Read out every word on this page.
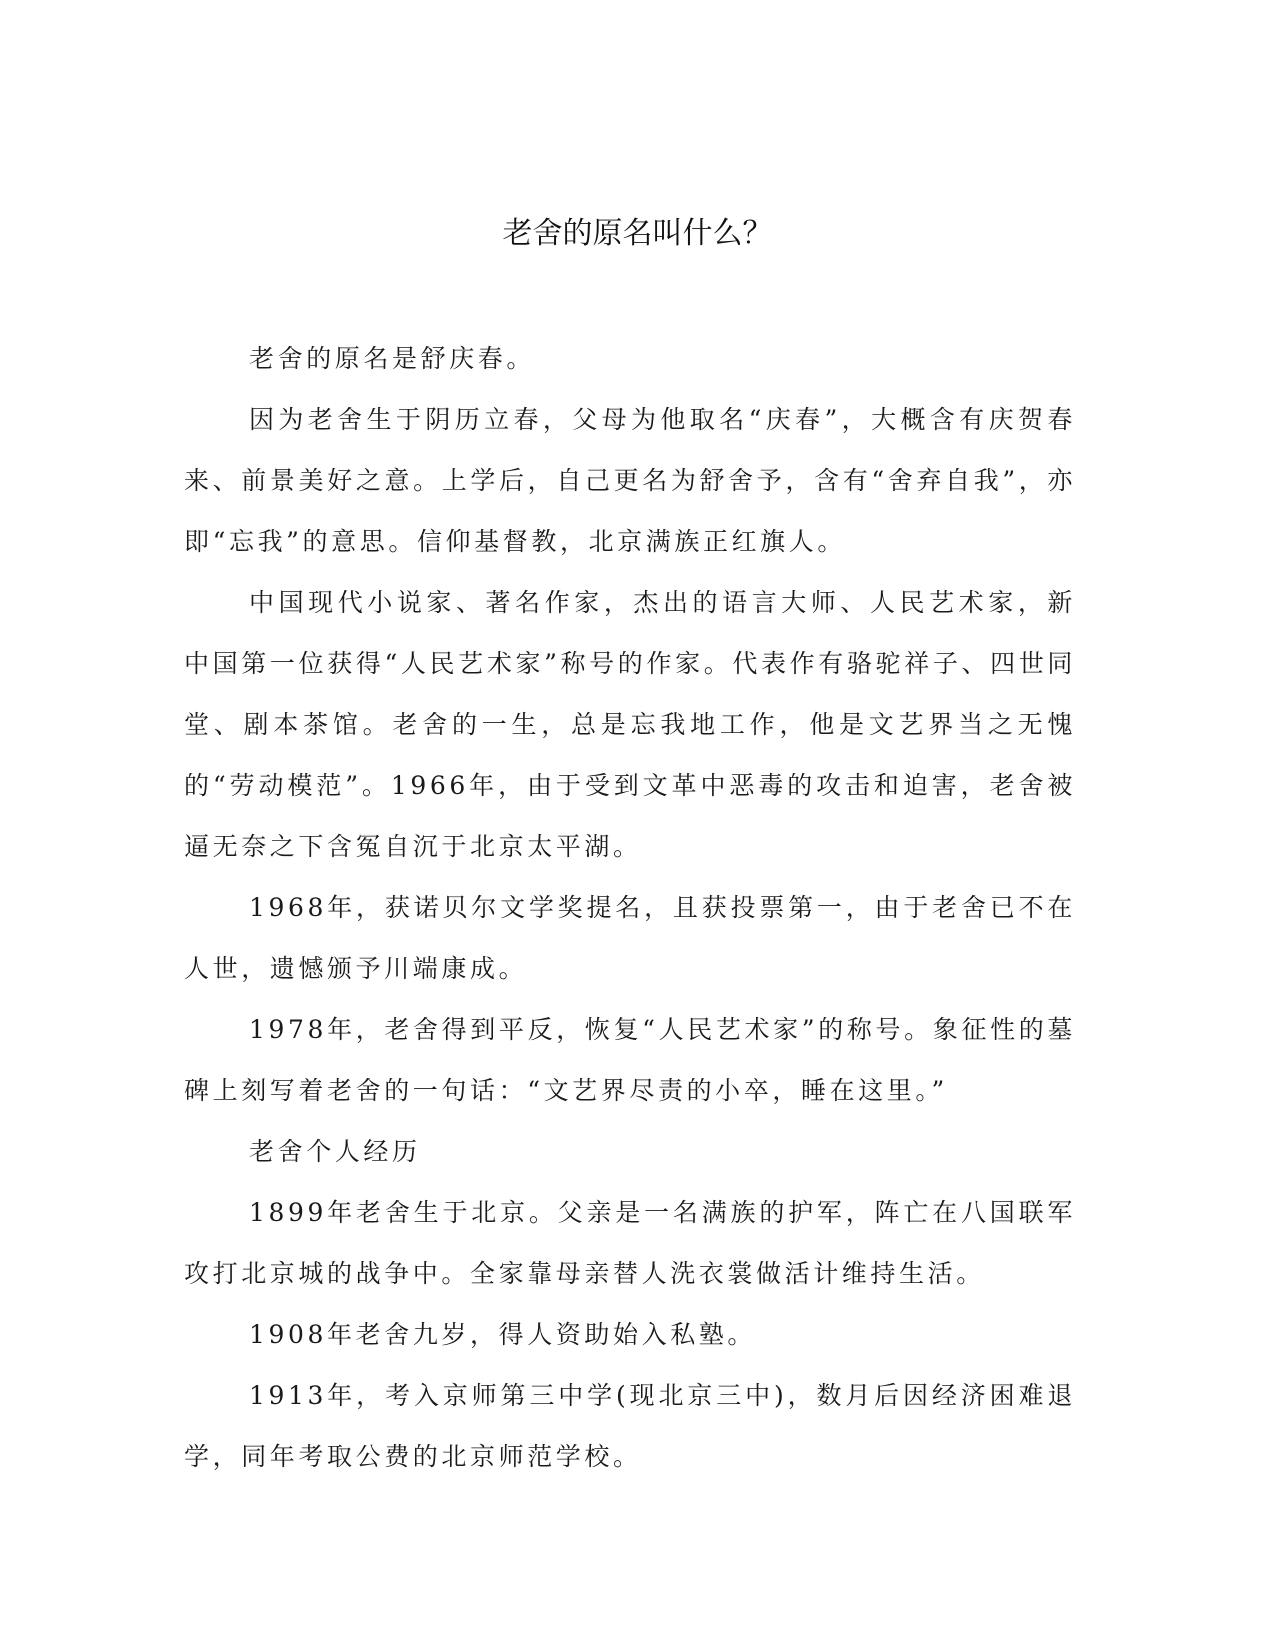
老舍的原名叫什么？

老舍的原名是舒庆春。

因为老舍生于阴历立春，父母为他取名“庆春”，大概含有庆贺春来、前景美好之意。上学后，自己更名为舒舍予，含有“舍弃自我”，亦即“忘我”的意思。信仰基督教，北京满族正红旗人。

中国现代小说家、著名作家，杰出的语言大师、人民艺术家，新中国第一位获得“人民艺术家”称号的作家。代表作有骆驼祥子、四世同堂、剧本茶馆。老舍的一生，总是忘我地工作，他是文艺界当之无愧的“劳动模范”。1966年，由于受到文革中恶毒的攻击和迫害，老舍被逼无奈之下含冤自沉于北京太平湖。

1968年，获诺贝尔文学奖提名，且获投票第一，由于老舍已不在人世，遗憾颁予川端康成。

1978年，老舍得到平反，恢复“人民艺术家”的称号。象征性的墓碑上刻写着老舍的一句话：“文艺界尽责的小卒，睡在这里。”

老舍个人经历

1899年老舍生于北京。父亲是一名满族的护军，阵亡在八国联军攻打北京城的战争中。全家靠母亲替人洗衣裳做活计维持生活。

1908年老舍九岁，得人资助始入私塾。

1913年，考入京师第三中学(现北京三中)，数月后因经济困难退学，同年考取公费的北京师范学校。
